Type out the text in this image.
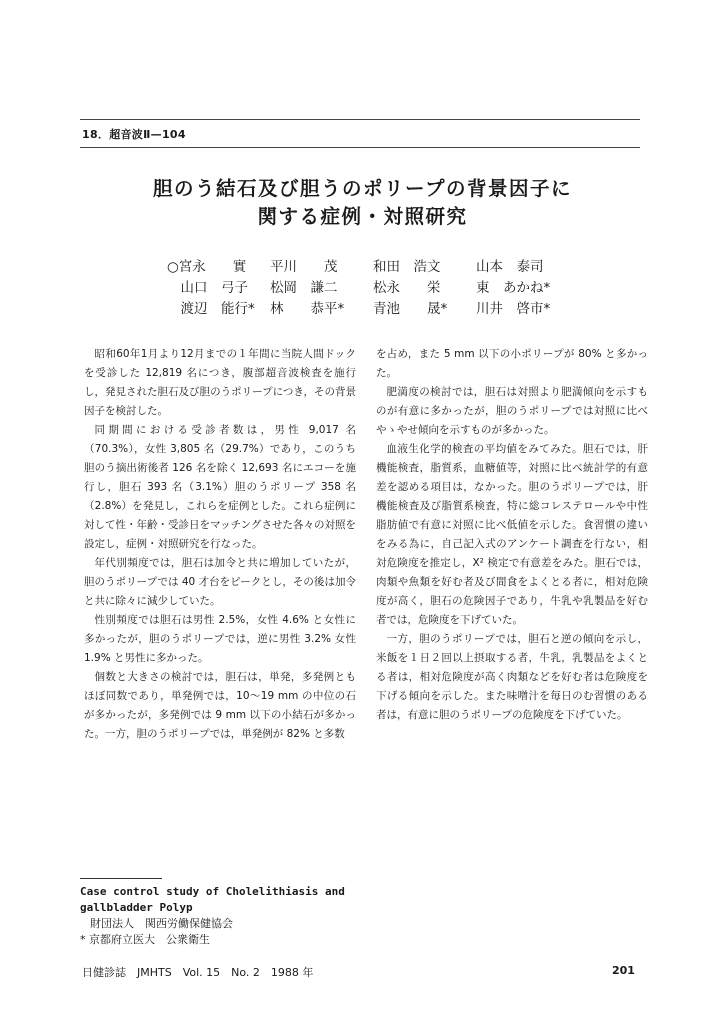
18．超音波Ⅱ—104
胆のう結石及び胆うのポリープの背景因子に
関する症例・対照研究
○宮永　　實	平川　　茂	和田　浩文	山本　泰司
　山口　弓子	松岡　謙二	松永　　栄	東　あかね*
　渡辺　能行*	林　　恭平*	青池　　晟*	川井　啓市*

昭和60年1月より12月までの１年間に当院人間ドックを受診した 12,819 名につき，腹部超音波検査を施行し，発見された胆石及び胆のうポリープにつき，その背景因子を検討した。

同期間における受診者数は，男性 9,017 名（70.3%），女性 3,805 名（29.7%）であり，このうち胆のう摘出術後者 126 名を除く 12,693 名にエコーを施行し，胆石 393 名（3.1%）胆のうポリープ 358 名（2.8%）を発見し，これらを症例とした。これら症例に対して性・年齢・受診日をマッチングさせた各々の対照を設定し，症例・対照研究を行なった。

年代別頻度では，胆石は加令と共に増加していたが，胆のうポリープでは 40 才台をピークとし，その後は加令と共に除々に減少していた。

性別頻度では胆石は男性 2.5%，女性 4.6% と女性に多かったが，胆のうポリープでは，逆に男性 3.2% 女性 1.9% と男性に多かった。

個数と大きさの検討では，胆石は，単発，多発例ともほぼ同数であり，単発例では，10〜19 mm の中位の石が多かったが，多発例では 9 mm 以下の小結石が多かった。一方，胆のうポリープでは，単発例が 82% と多数

を占め，また 5 mm 以下の小ポリープが 80% と多かった。

肥満度の検討では，胆石は対照より肥満傾向を示すものが有意に多かったが，胆のうポリープでは対照に比べやゝやせ傾向を示すものが多かった。

血液生化学的検査の平均値をみてみた。胆石では，肝機能検査，脂質系，血糖値等，対照に比べ統計学的有意差を認める項目は，なかった。胆のうポリープでは，肝機能検査及び脂質系検査，特に総コレステロールや中性脂肪値で有意に対照に比べ低値を示した。食習慣の違いをみる為に，自己記入式のアンケート調査を行ない，相対危険度を推定し，X² 検定で有意差をみた。胆石では，肉類や魚類を好む者及び間食をよくとる者に，相対危険度が高く，胆石の危険因子であり，牛乳や乳製品を好む者では，危険度を下げていた。

一方，胆のうポリープでは，胆石と逆の傾向を示し，米飯を１日２回以上摂取する者，牛乳，乳製品をよくとる者は，相対危険度が高く肉類などを好む者は危険度を下げる傾向を示した。また味噌汁を毎日のむ習慣のある者は，有意に胆のうポリープの危険度を下げていた。

Case control study of Cholelithiasis and gallbladder Polyp
財団法人　関西労働保健協会
* 京都府立医大　公衆衛生
日健診誌　JMHTS　Vol. 15　No. 2　1988 年	201
